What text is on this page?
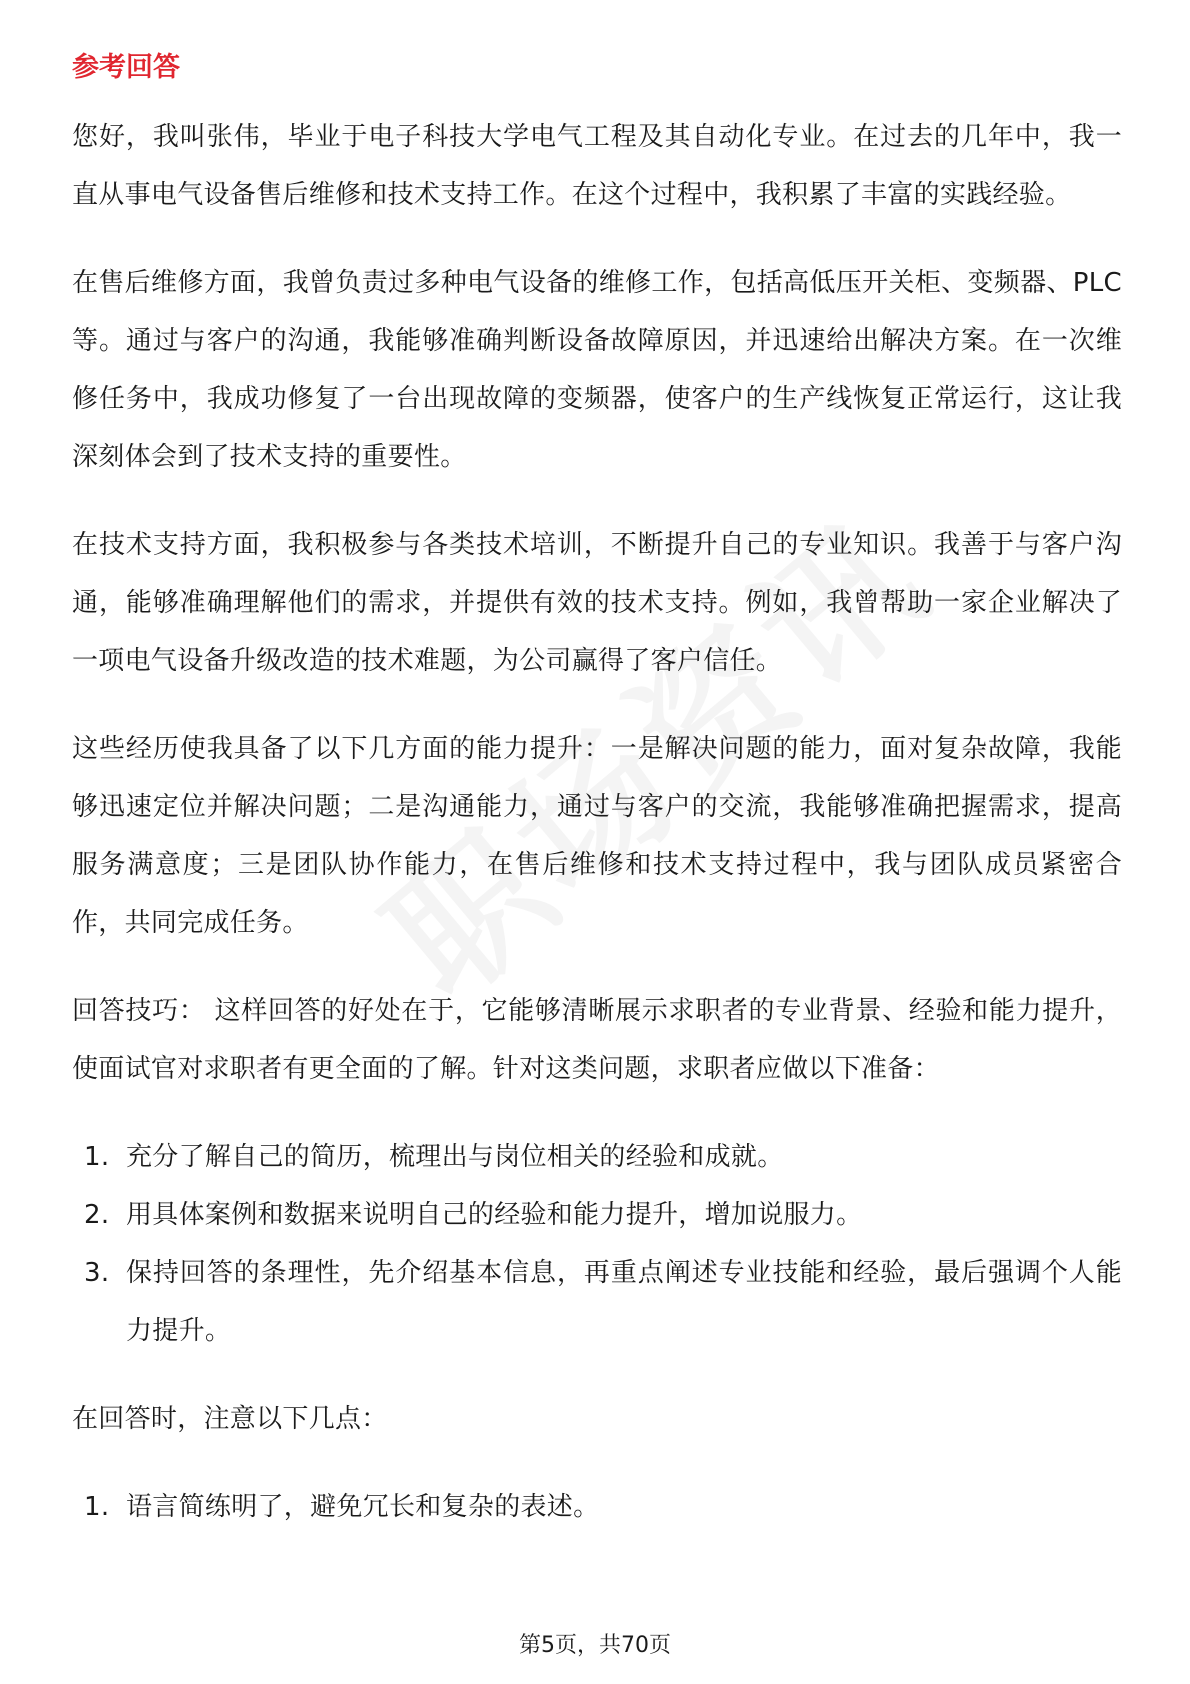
参考回答

您好，我叫张伟，毕业于电子科技大学电气工程及其自动化专业。在过去的几年中，我一直从事电气设备售后维修和技术支持工作。在这个过程中，我积累了丰富的实践经验。

在售后维修方面，我曾负责过多种电气设备的维修工作，包括高低压开关柜、变频器、PLC等。通过与客户的沟通，我能够准确判断设备故障原因，并迅速给出解决方案。在一次维修任务中，我成功修复了一台出现故障的变频器，使客户的生产线恢复正常运行，这让我深刻体会到了技术支持的重要性。

在技术支持方面，我积极参与各类技术培训，不断提升自己的专业知识。我善于与客户沟通，能够准确理解他们的需求，并提供有效的技术支持。例如，我曾帮助一家企业解决了一项电气设备升级改造的技术难题，为公司赢得了客户信任。

这些经历使我具备了以下几方面的能力提升：一是解决问题的能力，面对复杂故障，我能够迅速定位并解决问题；二是沟通能力，通过与客户的交流，我能够准确把握需求，提高服务满意度；三是团队协作能力，在售后维修和技术支持过程中，我与团队成员紧密合作，共同完成任务。

回答技巧： 这样回答的好处在于，它能够清晰展示求职者的专业背景、经验和能力提升，使面试官对求职者有更全面的了解。针对这类问题，求职者应做以下准备：

1. 充分了解自己的简历，梳理出与岗位相关的经验和成就。
2. 用具体案例和数据来说明自己的经验和能力提升，增加说服力。
3. 保持回答的条理性，先介绍基本信息，再重点阐述专业技能和经验，最后强调个人能力提升。

在回答时，注意以下几点：

1. 语言简练明了，避免冗长和复杂的表述。
第5页，共70页
